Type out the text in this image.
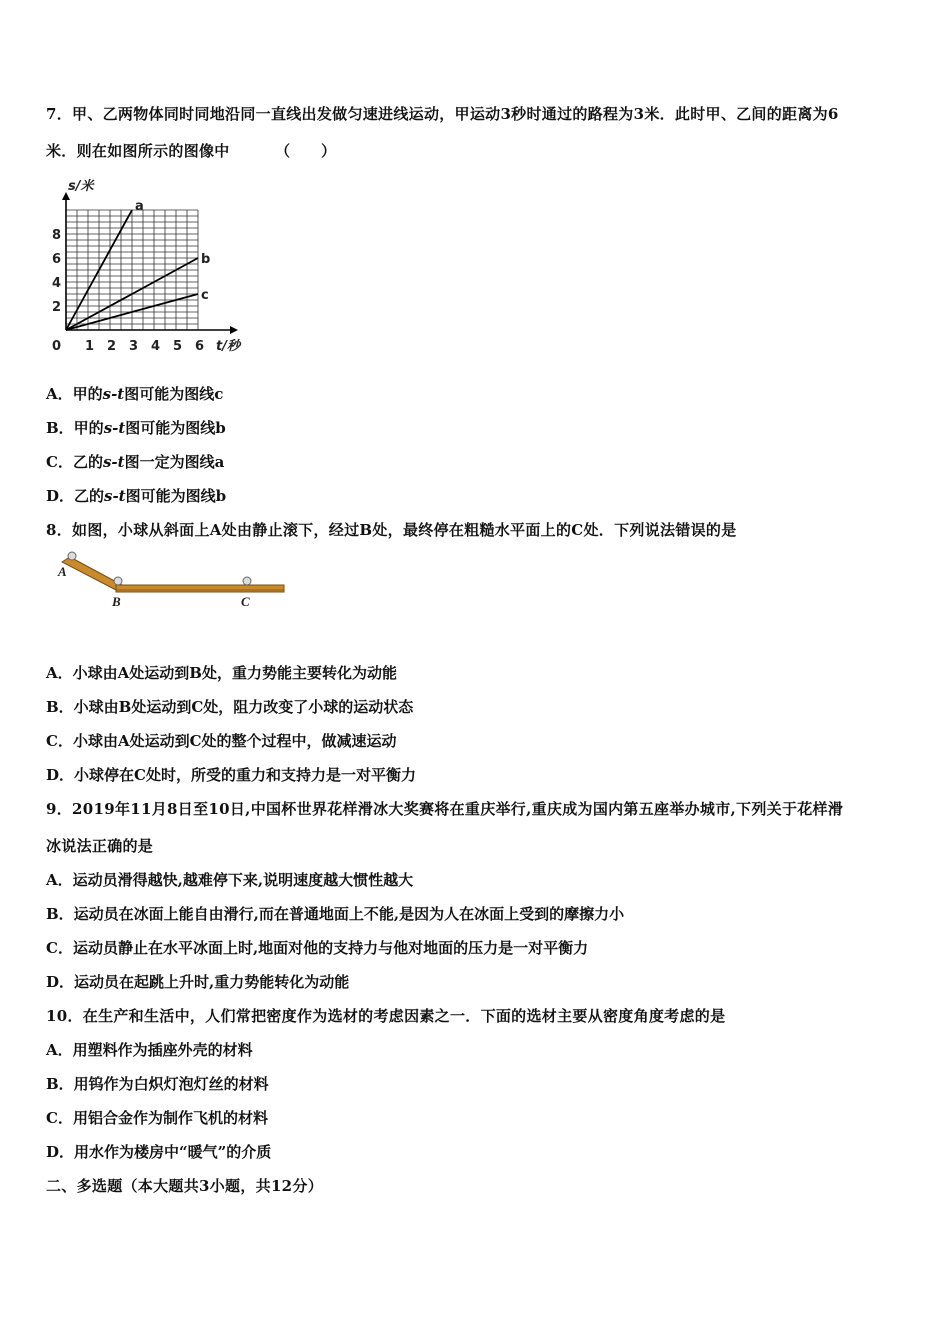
7．甲、乙两物体同时同地沿同一直线出发做匀速进线运动，甲运动3秒时通过的路程为3米．此时甲、乙间的距离为6
米．则在如图所示的图像中	（　　）
a
b
c
0 1 2 3 4 5 6
2
4
6
8
s/米
t/秒
A．甲的s-t图可能为图线c
B．甲的s-t图可能为图线b
C．乙的s-t图一定为图线a
D．乙的s-t图可能为图线b
8．如图，小球从斜面上A处由静止滚下，经过B处，最终停在粗糙水平面上的C处．下列说法错误的是
A
B	C
A．小球由A处运动到B处，重力势能主要转化为动能
B．小球由B处运动到C处，阻力改变了小球的运动状态
C．小球由A处运动到C处的整个过程中，做减速运动
D．小球停在C处时，所受的重力和支持力是一对平衡力
9．2019年11月8日至10日,中国杯世界花样滑冰大奖赛将在重庆举行,重庆成为国内第五座举办城市,下列关于花样滑
冰说法正确的是
A．运动员滑得越快,越难停下来,说明速度越大惯性越大
B．运动员在冰面上能自由滑行,而在普通地面上不能,是因为人在冰面上受到的摩擦力小
C．运动员静止在水平冰面上时,地面对他的支持力与他对地面的压力是一对平衡力
D．运动员在起跳上升时,重力势能转化为动能
10．在生产和生活中，人们常把密度作为选材的考虑因素之一．下面的选材主要从密度角度考虑的是
A．用塑料作为插座外壳的材料
B．用钨作为白炽灯泡灯丝的材料
C．用铝合金作为制作飞机的材料
D．用水作为楼房中“暖气”的介质
二、多选题（本大题共3小题，共12分）
